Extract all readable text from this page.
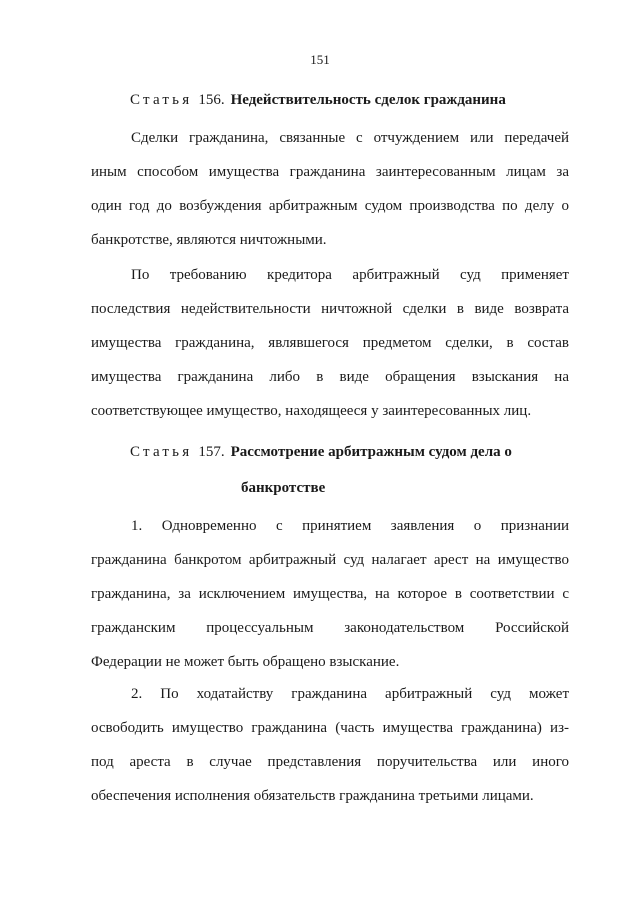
151
Статья 156. Недействительность сделок гражданина
Сделки гражданина, связанные с отчуждением или передачей
иным способом имущества гражданина заинтересованным лицам за
один год до возбуждения арбитражным судом производства по делу о
банкротстве, являются ничтожными.
По требованию кредитора арбитражный суд применяет
последствия недействительности ничтожной сделки в виде возврата
имущества гражданина, являвшегося предметом сделки, в состав
имущества гражданина либо в виде обращения взыскания на
соответствующее имущество, находящееся у заинтересованных лиц.
Статья 157. Рассмотрение арбитражным судом дела о
банкротстве
1. Одновременно с принятием заявления о признании
гражданина банкротом арбитражный суд налагает арест на имущество
гражданина, за исключением имущества, на которое в соответствии с
гражданским процессуальным законодательством Российской
Федерации не может быть обращено взыскание.
2. По ходатайству гражданина арбитражный суд может
освободить имущество гражданина (часть имущества гражданина) из-
под ареста в случае представления поручительства или иного
обеспечения исполнения обязательств гражданина третьими лицами.
